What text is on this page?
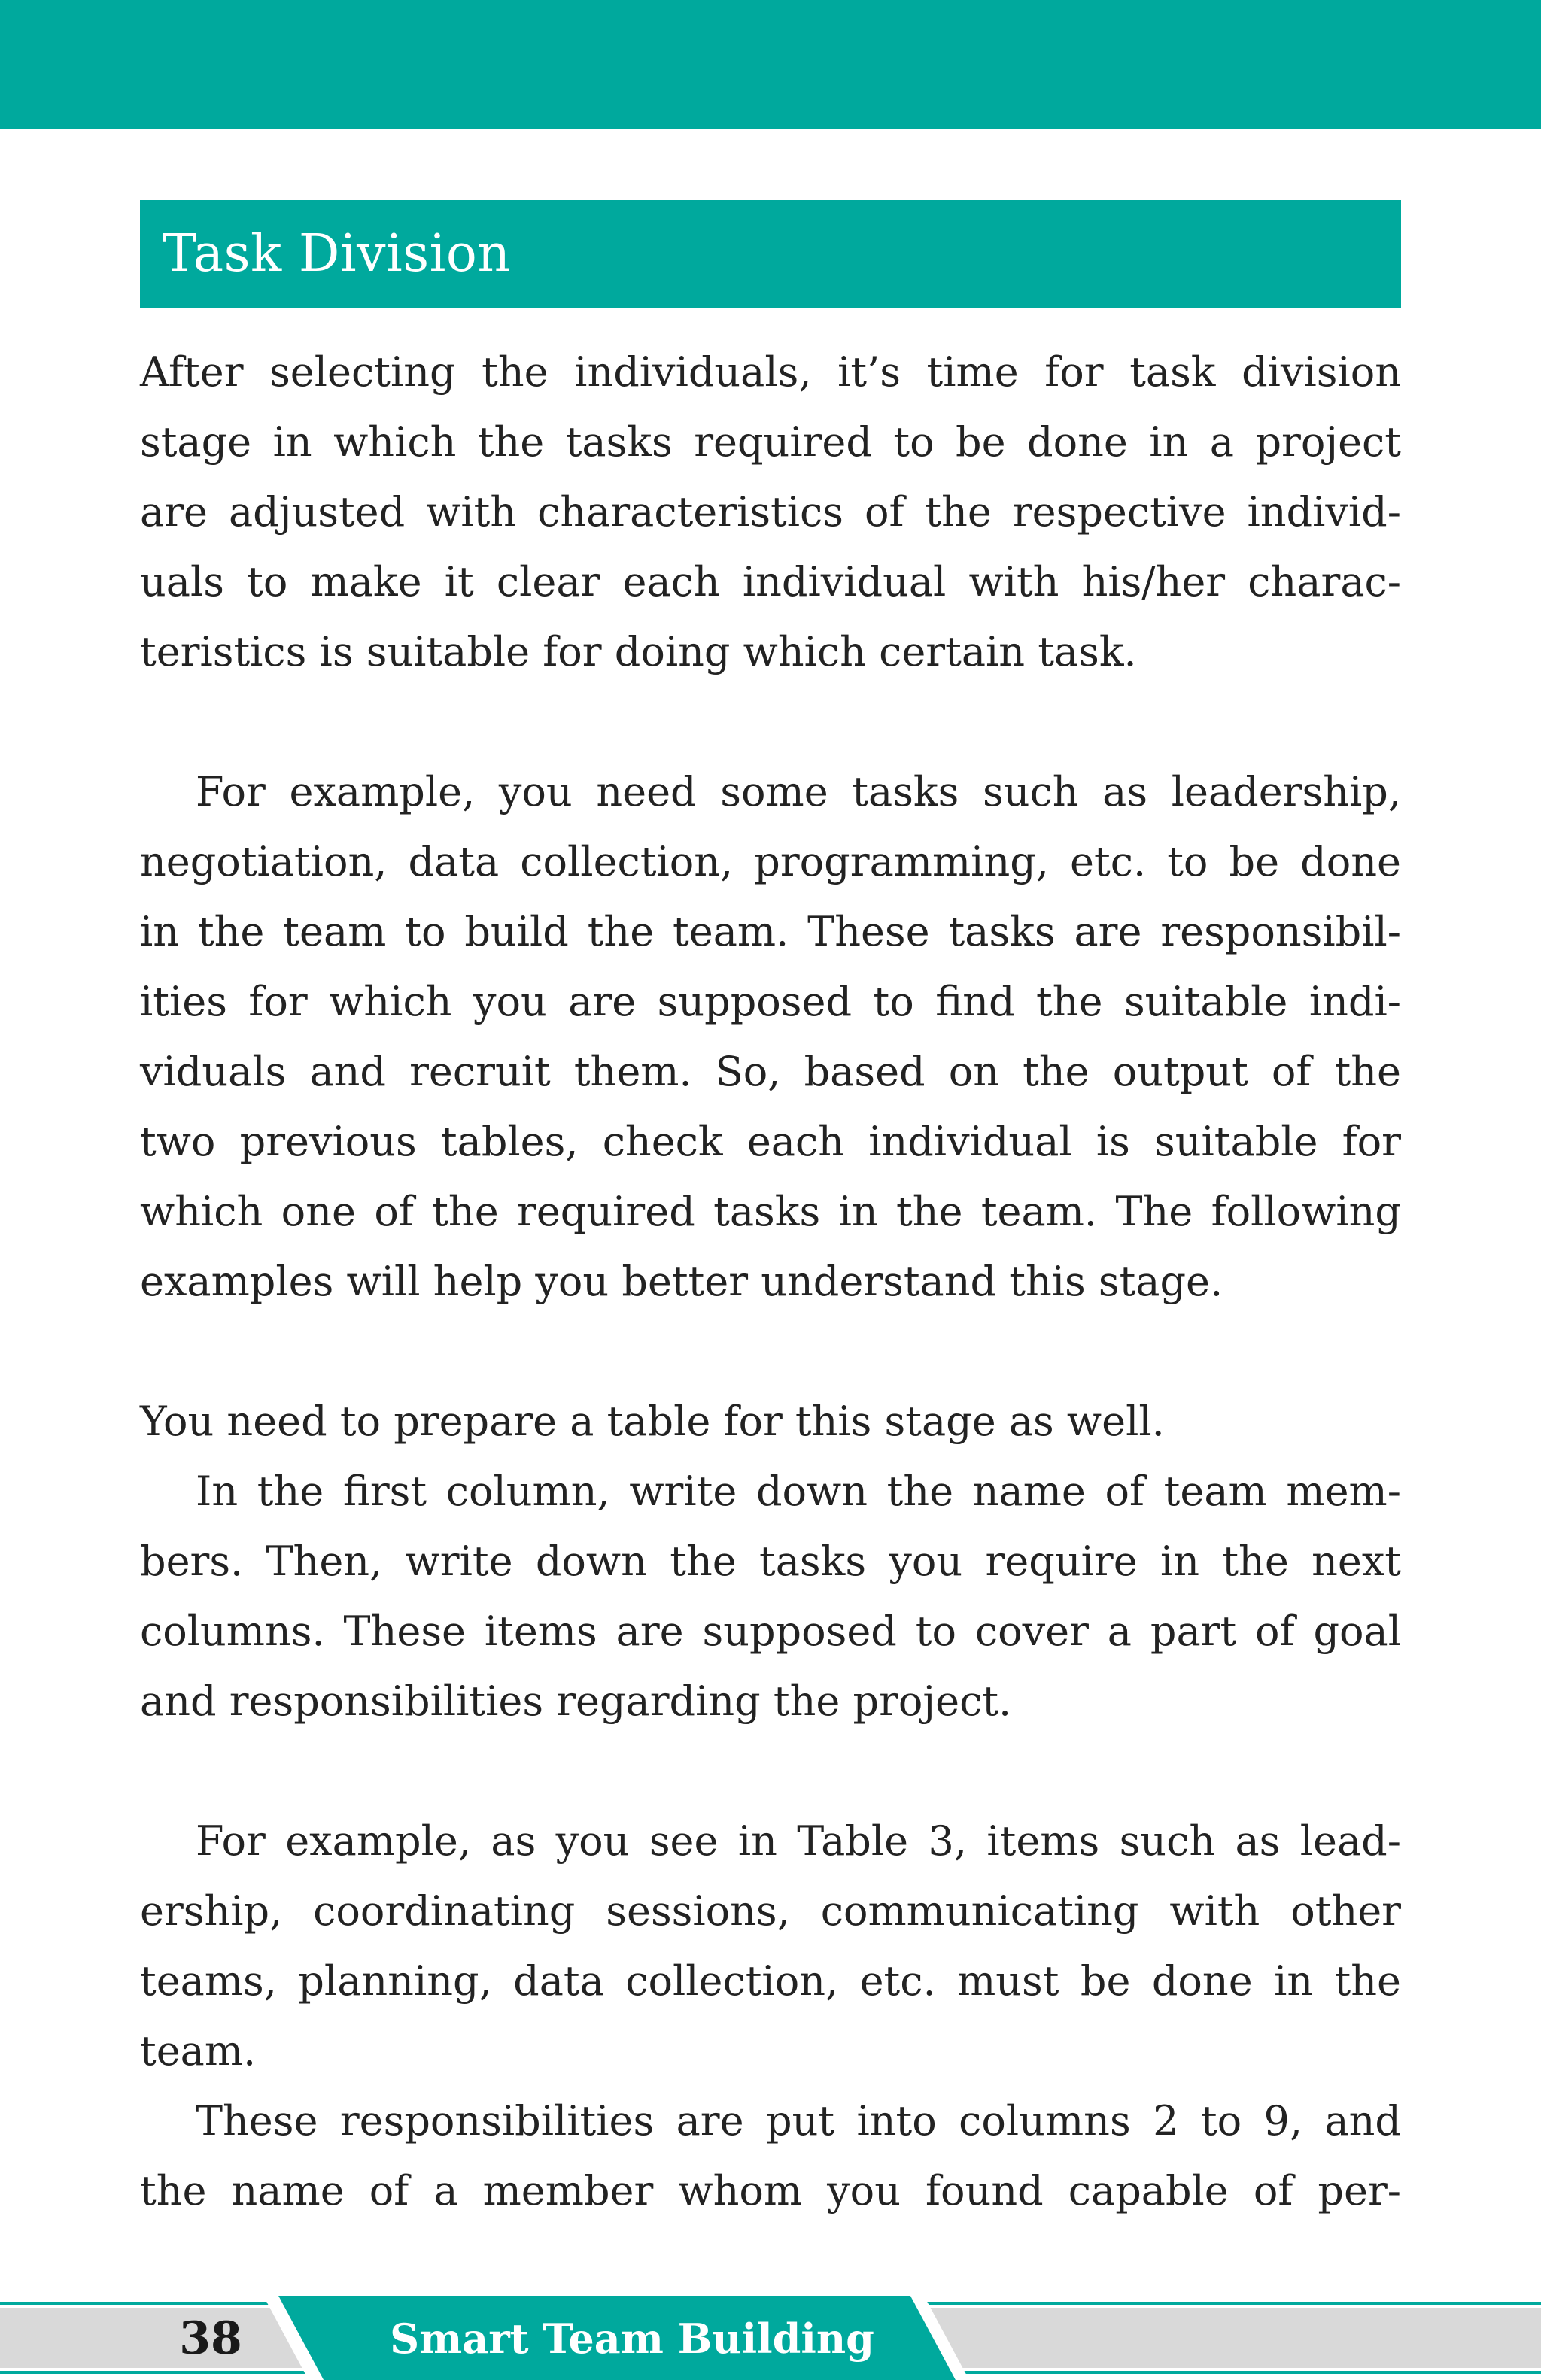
Task Division
After selecting the individuals, it’s time for task division
stage in which the tasks required to be done in a project
are adjusted with characteristics of the respective individ-
uals to make it clear each individual with his/her charac-
teristics is suitable for doing which certain task.
For example, you need some tasks such as leadership,
negotiation, data collection, programming, etc. to be done
in the team to build the team. These tasks are responsibil-
ities for which you are supposed to find the suitable indi-
viduals and recruit them. So, based on the output of the
two previous tables, check each individual is suitable for
which one of the required tasks in the team. The following
examples will help you better understand this stage.
You need to prepare a table for this stage as well.
In the first column, write down the name of team mem-
bers. Then, write down the tasks you require in the next
columns. These items are supposed to cover a part of goal
and responsibilities regarding the project.
For example, as you see in Table 3, items such as lead-
ership, coordinating sessions, communicating with other
teams, planning, data collection, etc. must be done in the
team.
These responsibilities are put into columns 2 to 9, and
the name of a member whom you found capable of per-
38	Smart Team Building
